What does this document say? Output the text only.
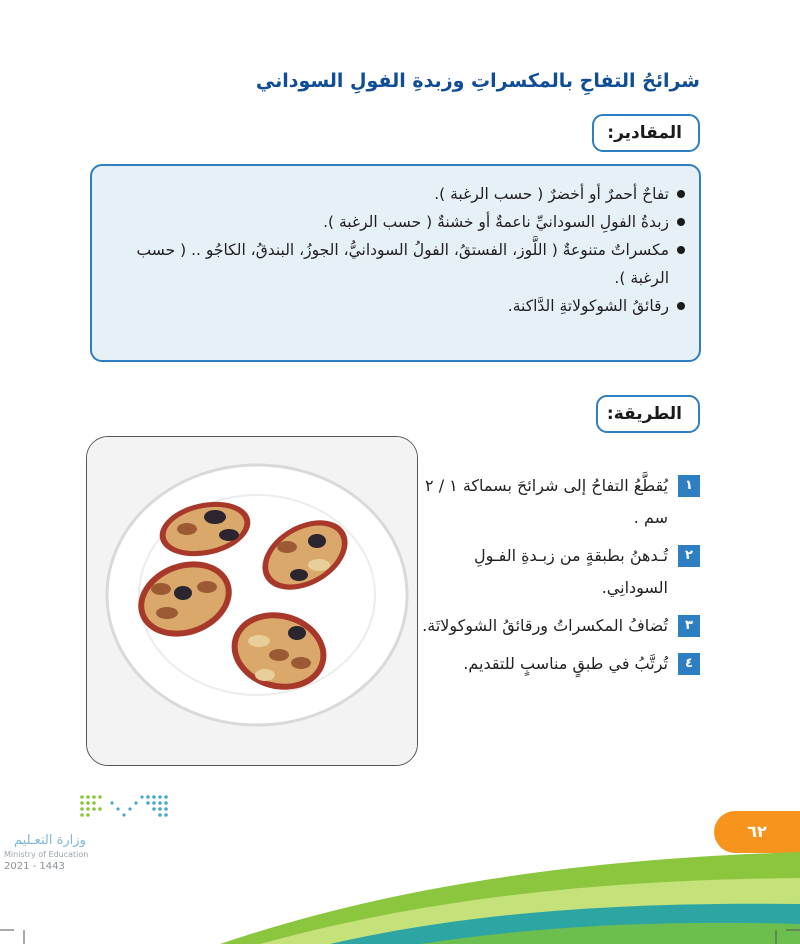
شرائحُ التفاحِ بالمكسراتِ وزبدةِ الفولِ السوداني
المقادير:
تفاحٌ أحمرٌ أو أخضرٌ ( حسب الرغبة ).
زبدةُ الفولِ السودانيِّ ناعمةٌ أو خشنةٌ ( حسب الرغبة ).
مكسراتٌ متنوعةٌ ( اللَّوز، الفستقُ، الفولُ السودانيُّ، الجوزُ، البندقُ، الكاجُو .. ( حسب الرغبة ).
رقائقُ الشوكولاتةِ الدَّاكنة.
الطريقة:
١
يُقطَّعُ التفاحُ إلى شرائحَ بسماكة ١ / ٢ سم .
٢
تُـدهنُ بطبقةٍ من زبـدةِ الفـولِ السودانِي.
٣
تُضافُ المكسراتُ ورقائقُ الشوكولاتَة.
٤
تُرتَّبُ في طبقٍ مناسبٍ للتقديم.

وزارة التعـليم

Ministry of Education

2021 - 1443

٦٢
